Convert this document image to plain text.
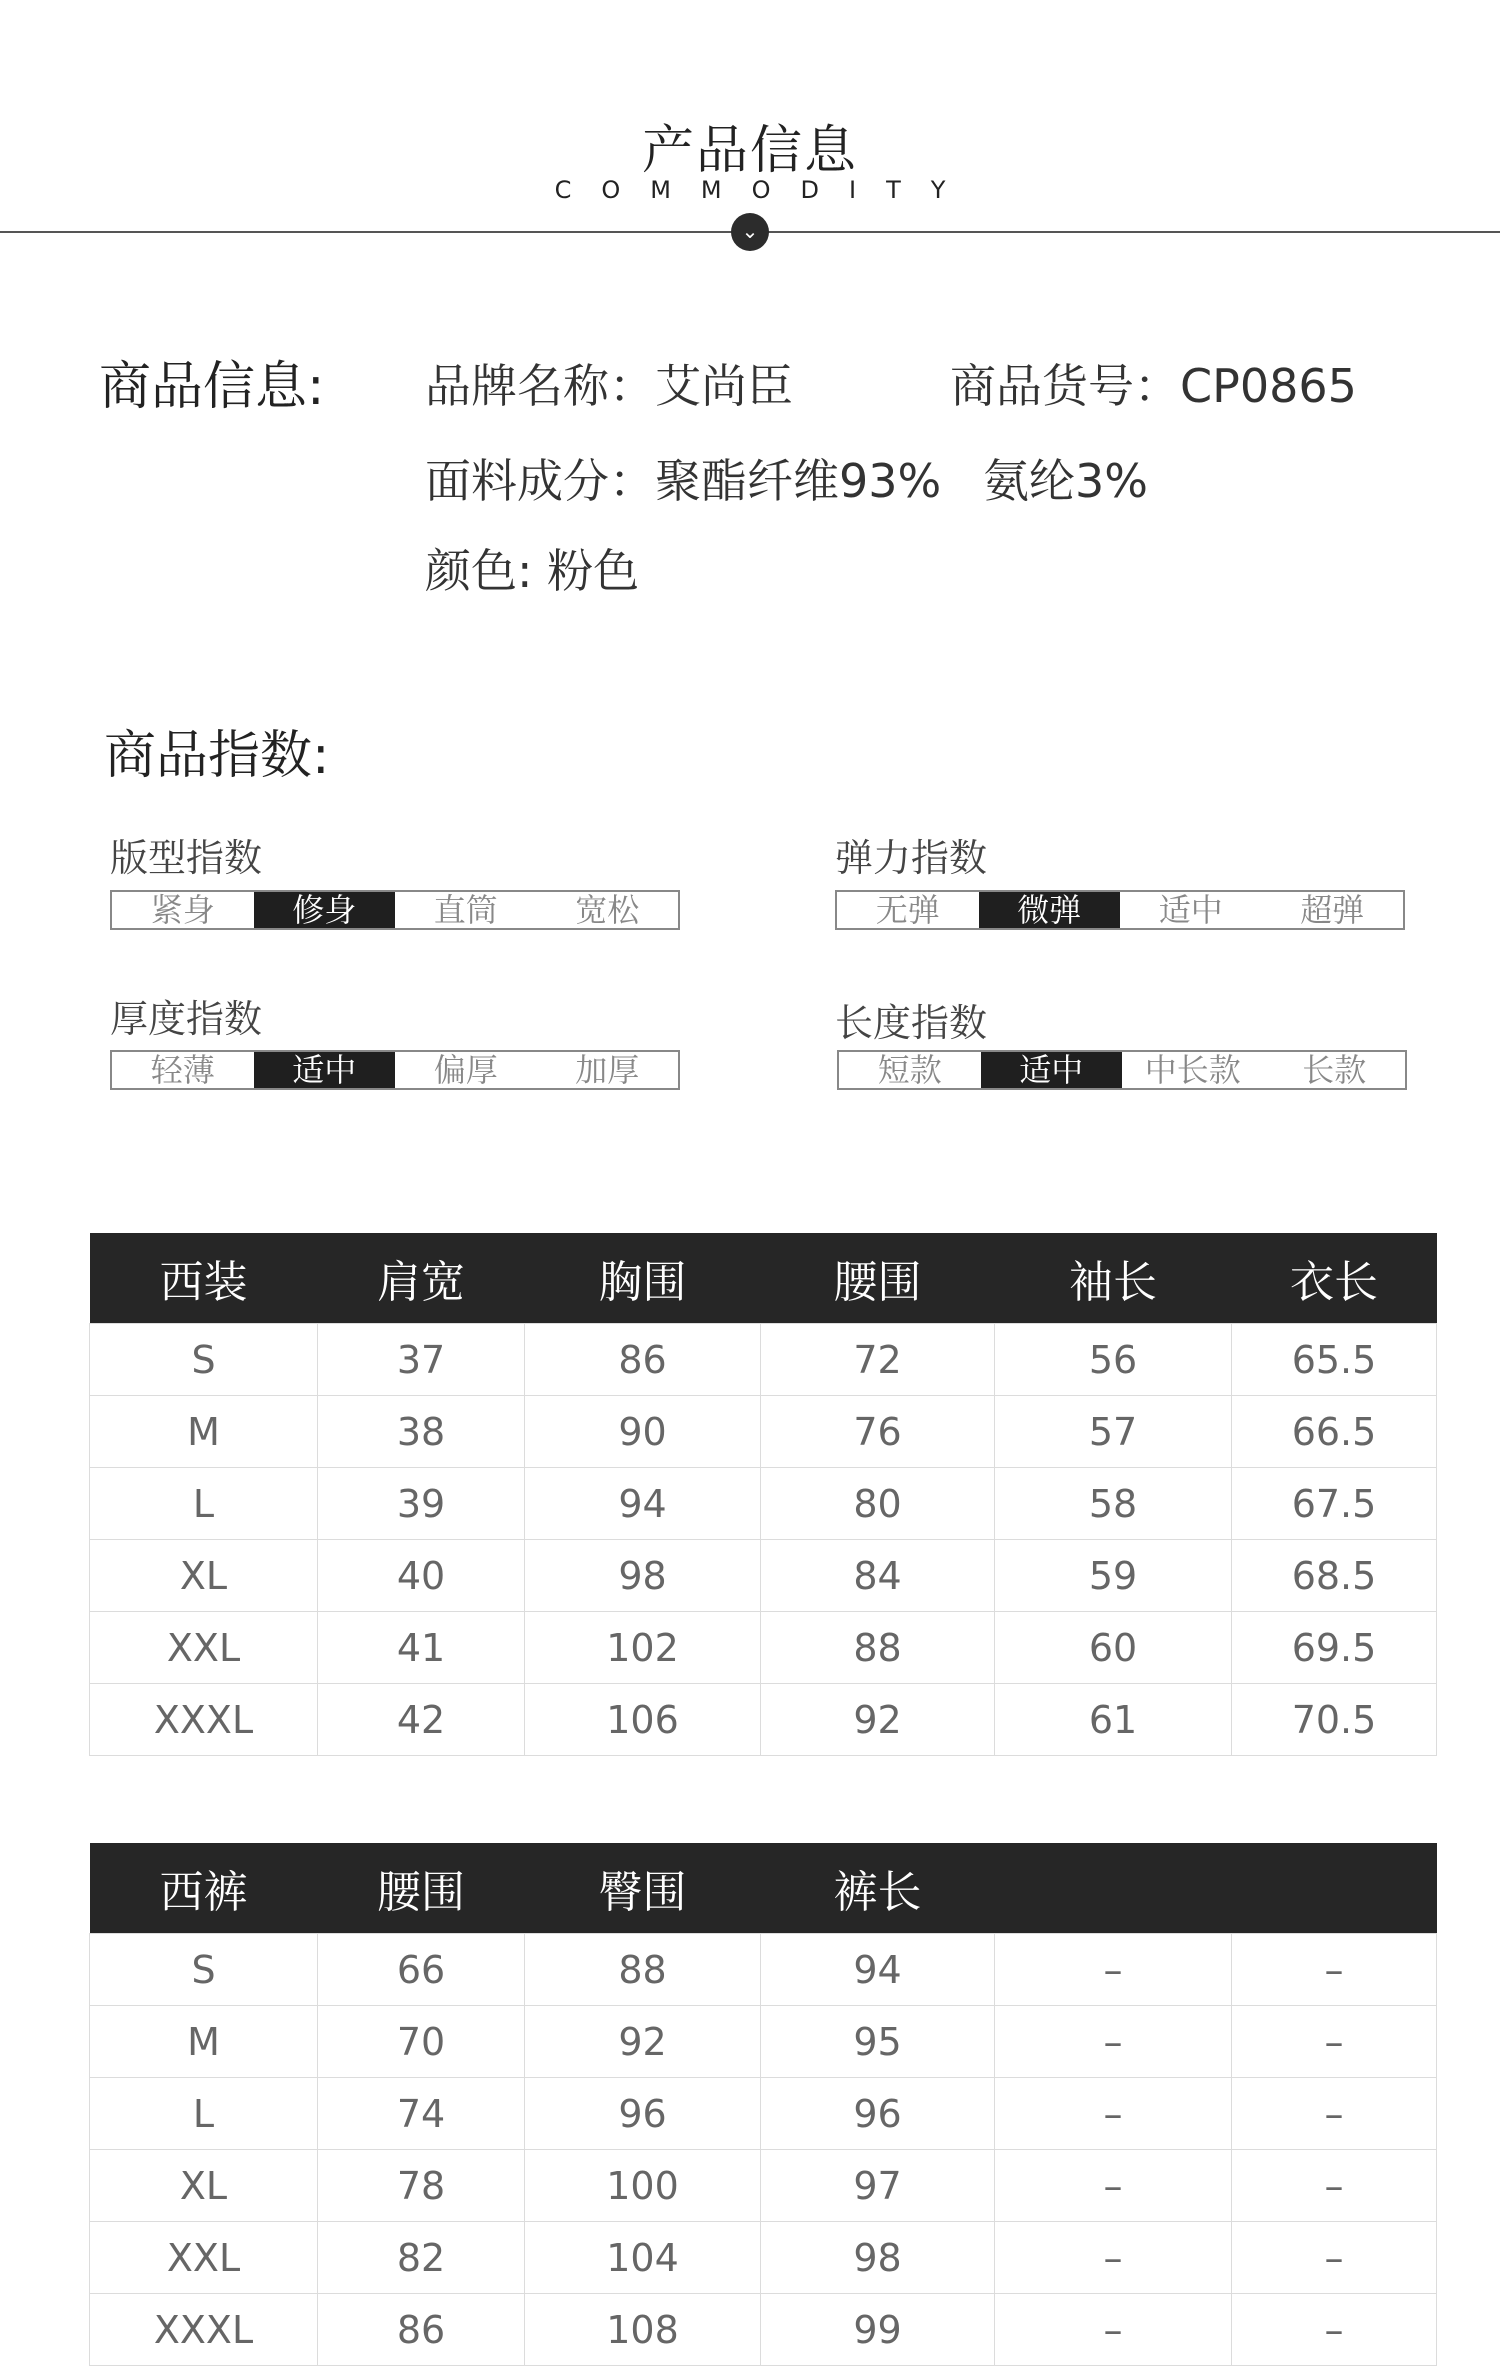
产品信息
COMMODITY
⌄
商品信息: 品牌名称：艾尚臣	商品货号：CP0865
面料成分：聚酯纤维93% 氨纶3%
颜色: 粉色
商品指数:
版型指数
紧身	修身	直筒	宽松
弹力指数
无弹	微弹	适中	超弹
厚度指数
轻薄	适中	偏厚	加厚
长度指数
短款	适中	中长款	长款
西装	肩宽	胸围	腰围	袖长	衣长
S	37	86	72	56	65.5
M	38	90	76	57	66.5
L	39	94	80	58	67.5
XL	40	98	84	59	68.5
XXL	41	102	88	60	69.5
XXXL	42	106	92	61	70.5
西裤	腰围	臀围	裤长		
S	66	88	94	–	–
M	70	92	95	–	–
L	74	96	96	–	–
XL	78	100	97	–	–
XXL	82	104	98	–	–
XXXL	86	108	99	–	–
